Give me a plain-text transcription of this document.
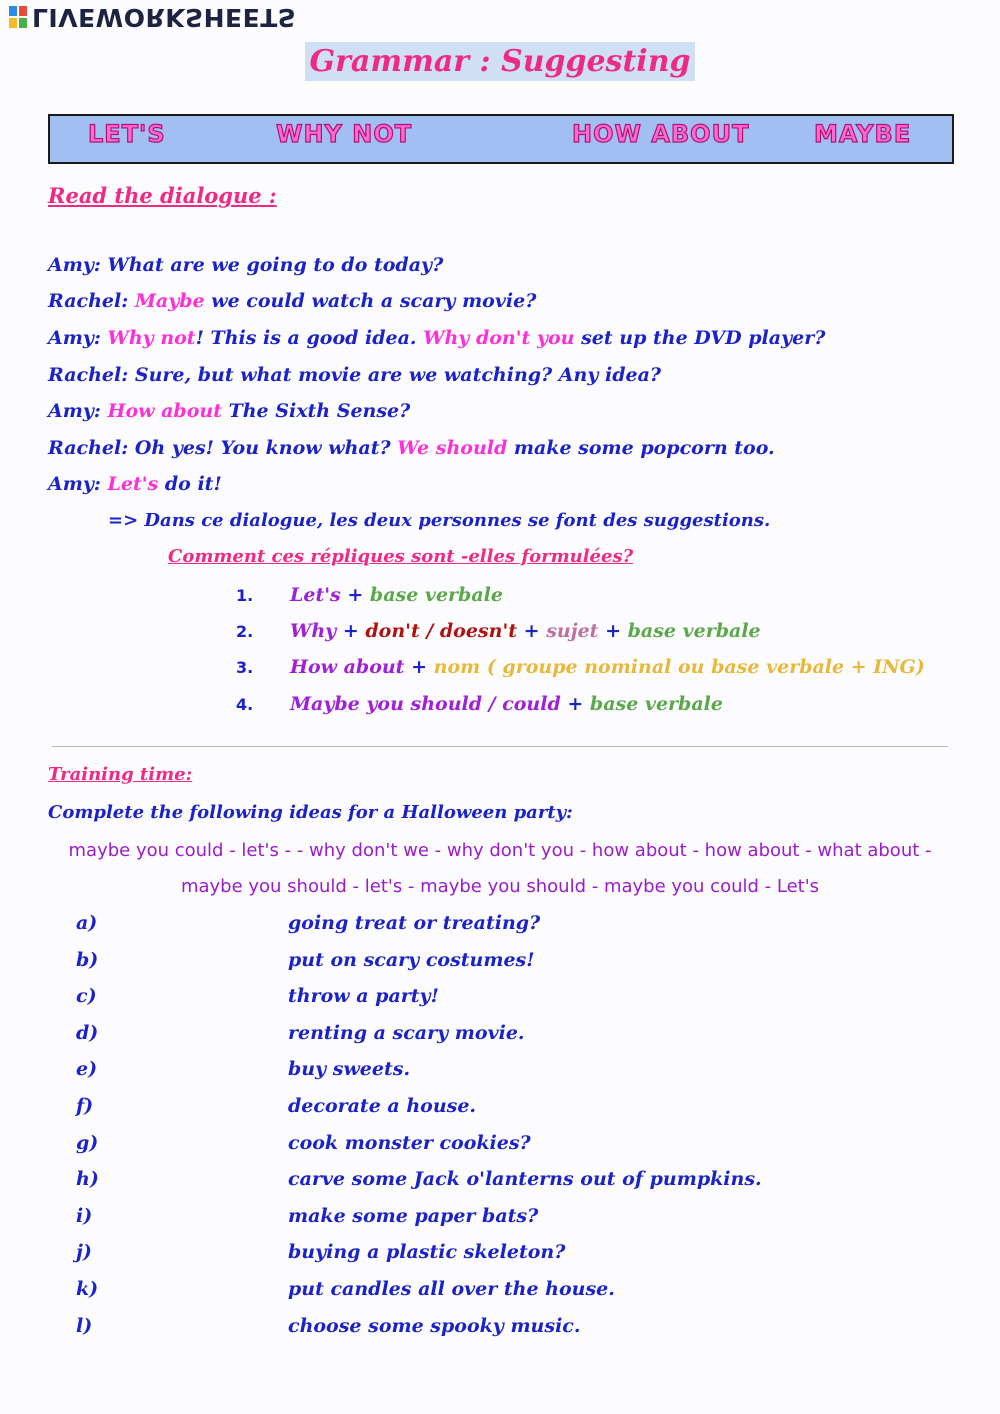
LIVEWORKSHEETS
Grammar : Suggesting
LET'S	WHY NOT	HOW ABOUT	MAYBE
Read the dialogue :
Amy: What are we going to do today?
Rachel: Maybe we could watch a scary movie?
Amy: Why not! This is a good idea. Why don't you set up the DVD player?
Rachel: Sure, but what movie are we watching? Any idea?
Amy: How about The Sixth Sense?
Rachel: Oh yes! You know what? We should make some popcorn too.
Amy: Let's do it!
=> Dans ce dialogue, les deux personnes se font des suggestions.
Comment ces répliques sont -elles formulées?
1. Let's + base verbale
2. Why + don't / doesn't + sujet + base verbale
3. How about + nom ( groupe nominal ou base verbale + ING)
4. Maybe you should / could + base verbale
Training time:
Complete the following ideas for a Halloween party:
maybe you could - let's - - why don't we - why don't you - how about - how about - what about -
maybe you should - let's - maybe you should - maybe you could - Let's
a)	going treat or treating?
b)	put on scary costumes!
c)	throw a party!
d)	renting a scary movie.
e)	buy sweets.
f)	decorate a house.
g)	cook monster cookies?
h)	carve some Jack o'lanterns out of pumpkins.
i)	make some paper bats?
j)	buying a plastic skeleton?
k)	put candles all over the house.
l)	choose some spooky music.
